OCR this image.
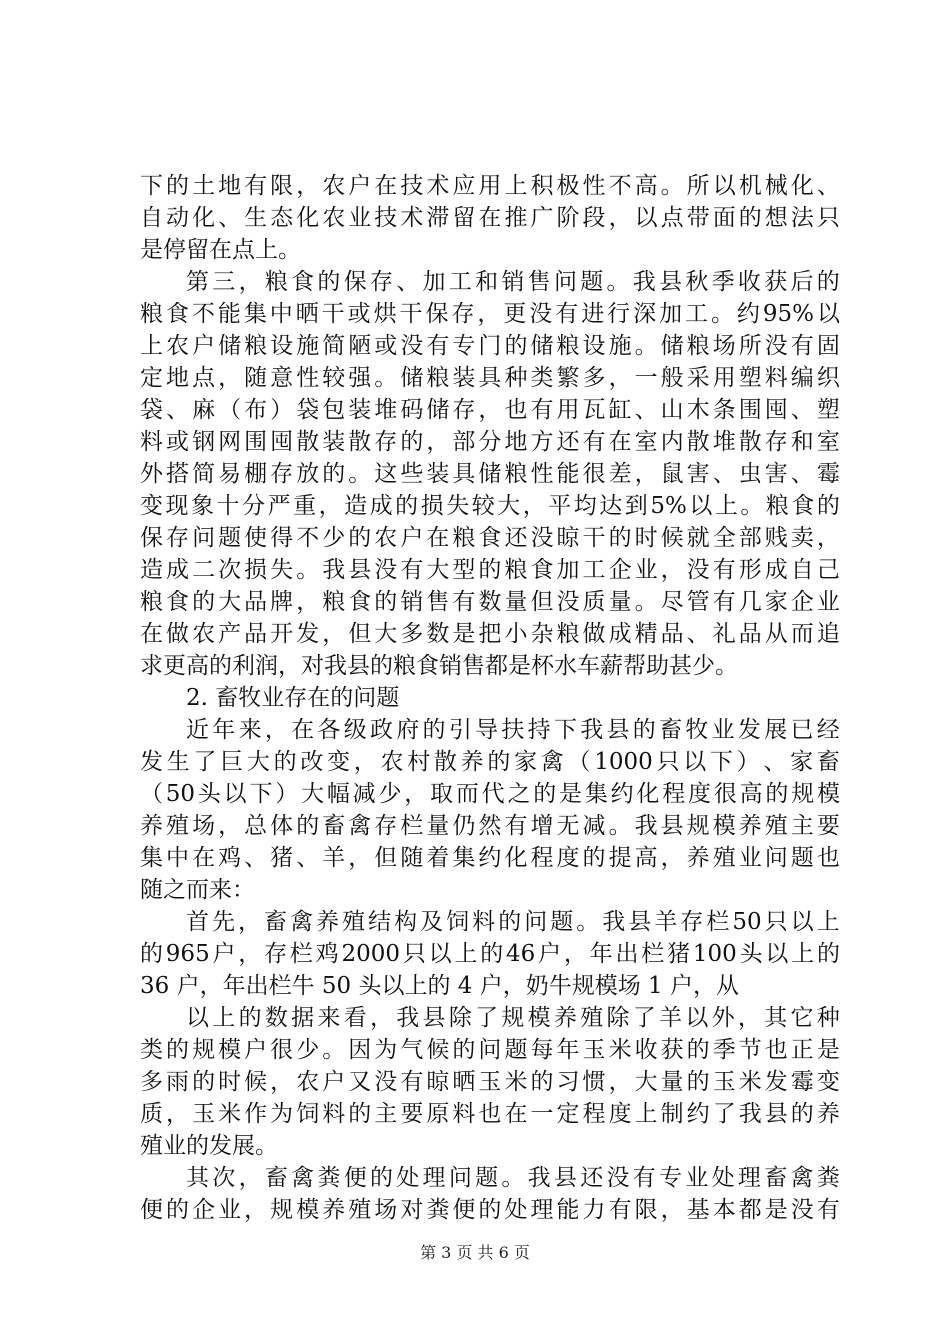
下 的 土 地 有 限 ， 农 户 在 技 术 应 用 上 积 极 性 不 高 。 所 以 机 械 化 、
自 动 化 、 生 态 化 农 业 技 术 滞 留 在 推 广 阶 段 ， 以 点 带 面 的 想 法 只
是停留在点上。
第 三 ， 粮 食 的 保 存 、 加 工 和 销 售 问 题 。 我 县 秋 季 收 获 后 的
粮 食 不 能 集 中 晒 干 或 烘 干 保 存 ， 更 没 有 进 行 深 加 工 。 约 95% 以
上 农 户 储 粮 设 施 简 陋 或 没 有 专 门 的 储 粮 设 施 。 储 粮 场 所 没 有 固
定 地 点 ， 随 意 性 较 强 。 储 粮 装 具 种 类 繁 多 ， 一 般 采 用 塑 料 编 织
袋 、 麻 （ 布 ） 袋 包 装 堆 码 储 存 ， 也 有 用 瓦 缸 、 山 木 条 围 囤 、 塑
料 或 钢 网 围 囤 散 装 散 存 的 ， 部 分 地 方 还 有 在 室 内 散 堆 散 存 和 室
外 搭 简 易 棚 存 放 的 。 这 些 装 具 储 粮 性 能 很 差 ， 鼠 害 、 虫 害 、 霉
变 现 象 十 分 严 重 ， 造 成 的 损 失 较 大 ， 平 均 达 到 5% 以 上 。 粮 食 的
保 存 问 题 使 得 不 少 的 农 户 在 粮 食 还 没 晾 干 的 时 候 就 全 部 贱 卖 ，
造 成 二 次 损 失 。 我 县 没 有 大 型 的 粮 食 加 工 企 业 ， 没 有 形 成 自 己
粮 食 的 大 品 牌 ， 粮 食 的 销 售 有 数 量 但 没 质 量 。 尽 管 有 几 家 企 业
在 做 农 产 品 开 发 ， 但 大 多 数 是 把 小 杂 粮 做 成 精 品 、 礼 品 从 而 追
求更高的利润，对我县的粮食销售都是杯水车薪帮助甚少。
2. 畜牧业存在的问题
近 年 来 ， 在 各 级 政 府 的 引 导 扶 持 下 我 县 的 畜 牧 业 发 展 已 经
发 生 了 巨 大 的 改 变 ， 农 村 散 养 的 家 禽 （ 1000 只 以 下 ） 、 家 畜
（ 50 头 以 下 ） 大 幅 减 少 ， 取 而 代 之 的 是 集 约 化 程 度 很 高 的 规 模
养 殖 场 ， 总 体 的 畜 禽 存 栏 量 仍 然 有 增 无 减 。 我 县 规 模 养 殖 主 要
集 中 在 鸡 、 猪 、 羊 ， 但 随 着 集 约 化 程 度 的 提 高 ， 养 殖 业 问 题 也
随之而来：
首 先 ， 畜 禽 养 殖 结 构 及 饲 料 的 问 题 。 我 县 羊 存 栏 50 只 以 上
的 965 户 ， 存 栏 鸡 2000 只 以 上 的 46 户 ， 年 出 栏 猪 100 头 以 上 的
36 户，年出栏牛 50 头以上的 4 户，奶牛规模场 1 户，从
以 上 的 数 据 来 看 ， 我 县 除 了 规 模 养 殖 除 了 羊 以 外 ， 其 它 种
类 的 规 模 户 很 少 。 因 为 气 候 的 问 题 每 年 玉 米 收 获 的 季 节 也 正 是
多 雨 的 时 候 ， 农 户 又 没 有 晾 晒 玉 米 的 习 惯 ， 大 量 的 玉 米 发 霉 变
质 ， 玉 米 作 为 饲 料 的 主 要 原 料 也 在 一 定 程 度 上 制 约 了 我 县 的 养
殖业的发展。
其 次 ， 畜 禽 粪 便 的 处 理 问 题 。 我 县 还 没 有 专 业 处 理 畜 禽 粪
便 的 企 业 ， 规 模 养 殖 场 对 粪 便 的 处 理 能 力 有 限 ， 基 本 都 是 没 有
第 3 页 共 6 页
